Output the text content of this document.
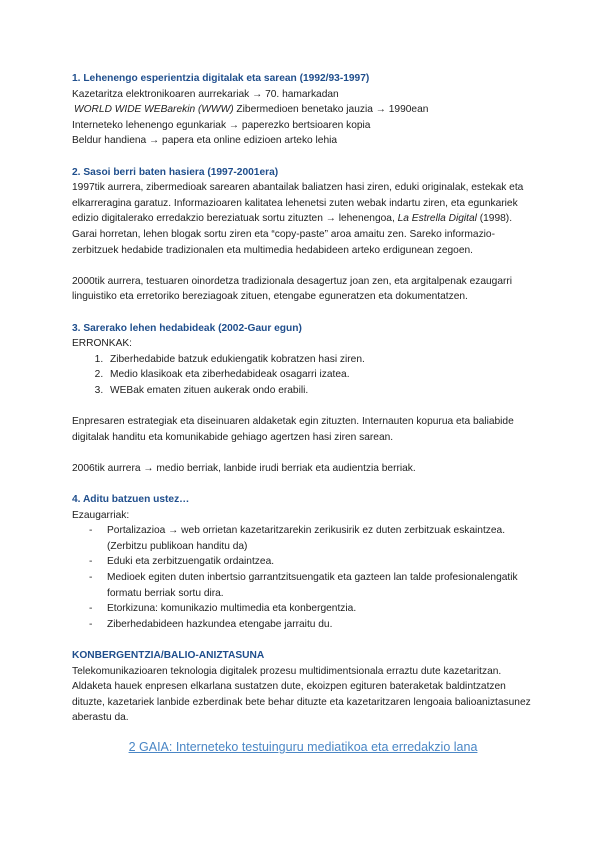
1. Lehenengo esperientzia digitalak eta sarean (1992/93-1997)

Kazetaritza elektronikoaren aurrekariak → 70. hamarkadan

WORLD WIDE WEBarekin (WWW) Zibermedioen benetako jauzia → 1990ean

Interneteko lehenengo egunkariak → paperezko bertsioaren kopia

Beldur handiena → papera eta online edizioen arteko lehia

2. Sasoi berri baten hasiera (1997-2001era)

1997tik aurrera, zibermedioak sarearen abantailak baliatzen hasi ziren, eduki originalak, estekak eta elkarreragina garatuz. Informazioaren kalitatea lehenetsi zuten webak indartu ziren, eta egunkariek edizio digitalerako erredakzio bereziatuak sortu zituzten → lehenengoa, La Estrella Digital (1998). Garai horretan, lehen blogak sortu ziren eta “copy-paste” aroa amaitu zen. Sareko informazio-zerbitzuek hedabide tradizionalen eta multimedia hedabideen arteko erdigunean zegoen.

2000tik aurrera, testuaren oinordetza tradizionala desagertuz joan zen, eta argitalpenak ezaugarri linguistiko eta erretoriko bereziagoak zituen, etengabe eguneratzen eta dokumentatzen.

3. Sarerako lehen hedabideak (2002-Gaur egun)

ERRONKAK:

1. Ziberhedabide batzuk edukiengatik kobratzen hasi ziren.
2. Medio klasikoak eta ziberhedabideak osagarri izatea.
3. WEBak ematen zituen aukerak ondo erabili.

Enpresaren estrategiak eta diseinuaren aldaketak egin zituzten. Internauten kopurua eta baliabide digitalak handitu eta komunikabide gehiago agertzen hasi ziren sarean.

2006tik aurrera → medio berriak, lanbide irudi berriak eta audientzia berriak.

4. Aditu batzuen ustez…

Ezaugarriak:

- Portalizazioa → web orrietan kazetaritzarekin zerikusirik ez duten zerbitzuak eskaintzea. (Zerbitzu publikoan handitu da)
- Eduki eta zerbitzuengatik ordaintzea.
- Medioek egiten duten inbertsio garrantzitsuengatik eta gazteen lan talde profesionalengatik formatu berriak sortu dira.
- Etorkizuna: komunikazio multimedia eta konbergentzia.
- Ziberhedabideen hazkundea etengabe jarraitu du.
KONBERGENTZIA/BALIO-ANIZTASUNA

Telekomunikazioaren teknologia digitalek prozesu multidimentsionala erraztu dute kazetaritzan. Aldaketa hauek enpresen elkarlana sustatzen dute, ekoizpen egituren bateraketak baldintzatzen dituzte, kazetariek lanbide ezberdinak bete behar dituzte eta kazetaritzaren lengoaia balioaniztasunez aberastu da.

2 GAIA: Interneteko testuinguru mediatikoa eta erredakzio lana
